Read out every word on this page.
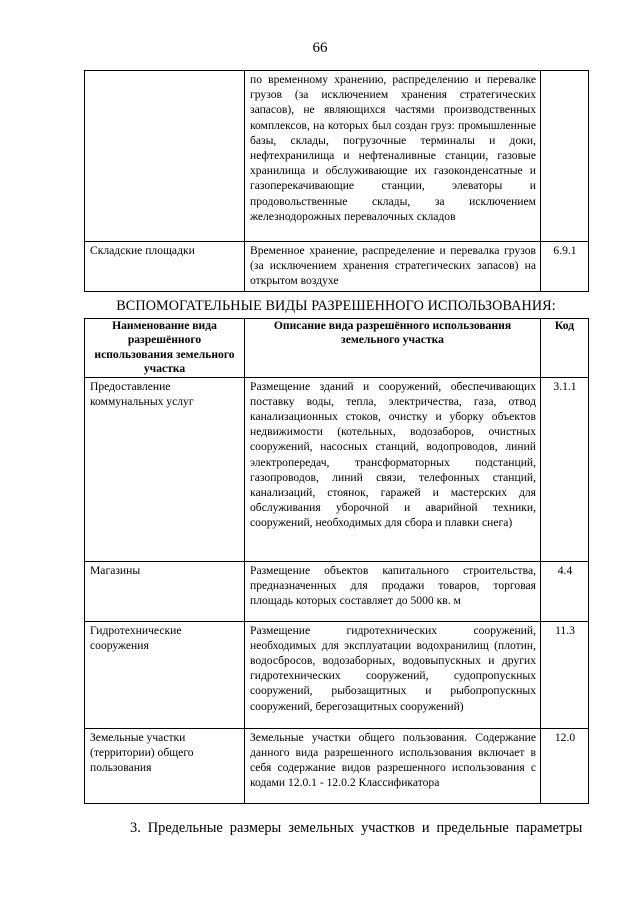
66
	по временному хранению, распределению и перевалке грузов (за исключением хранения стратегических запасов), не являющихся частями производственных комплексов, на которых был создан груз: промышленные базы, склады, погрузочные терминалы и доки, нефтехранилища и нефтеналивные станции, газовые хранилища и обслуживающие их газоконденсатные и газоперекачивающие станции, элеваторы и продовольственные склады, за исключением железнодорожных перевалочных складов	
Складские площадки	Временное хранение, распределение и перевалка грузов (за исключением хранения стратегических запасов) на открытом воздухе	6.9.1
ВСПОМОГАТЕЛЬНЫЕ ВИДЫ РАЗРЕШЕННОГО ИСПОЛЬЗОВАНИЯ:
Наименование вида разрешённого использования земельного участка	Описание вида разрешённого использования земельного участка	Код
Предоставление коммунальных услуг	Размещение зданий и сооружений, обеспечивающих поставку воды, тепла, электричества, газа, отвод канализационных стоков, очистку и уборку объектов недвижимости (котельных, водозаборов, очистных сооружений, насосных станций, водопроводов, линий электропередач, трансформаторных подстанций, газопроводов, линий связи, телефонных станций, канализаций, стоянок, гаражей и мастерских для обслуживания уборочной и аварийной техники, сооружений, необходимых для сбора и плавки снега)	3.1.1
Магазины	Размещение объектов капитального строительства, предназначенных для продажи товаров, торговая площадь которых составляет до 5000 кв. м	4.4
Гидротехнические сооружения	Размещение гидротехнических сооружений, необходимых для эксплуатации водохранилищ (плотин, водосбросов, водозаборных, водовыпускных и других гидротехнических сооружений, судопропускных сооружений, рыбозащитных и рыбопропускных сооружений, берегозащитных сооружений)	11.3
Земельные участки (территории) общего пользования	Земельные участки общего пользования. Содержание данного вида разрешенного использования включает в себя содержание видов разрешенного использования с кодами 12.0.1 - 12.0.2 Классификатора	12.0
3. Предельные размеры земельных участков и предельные параметры
